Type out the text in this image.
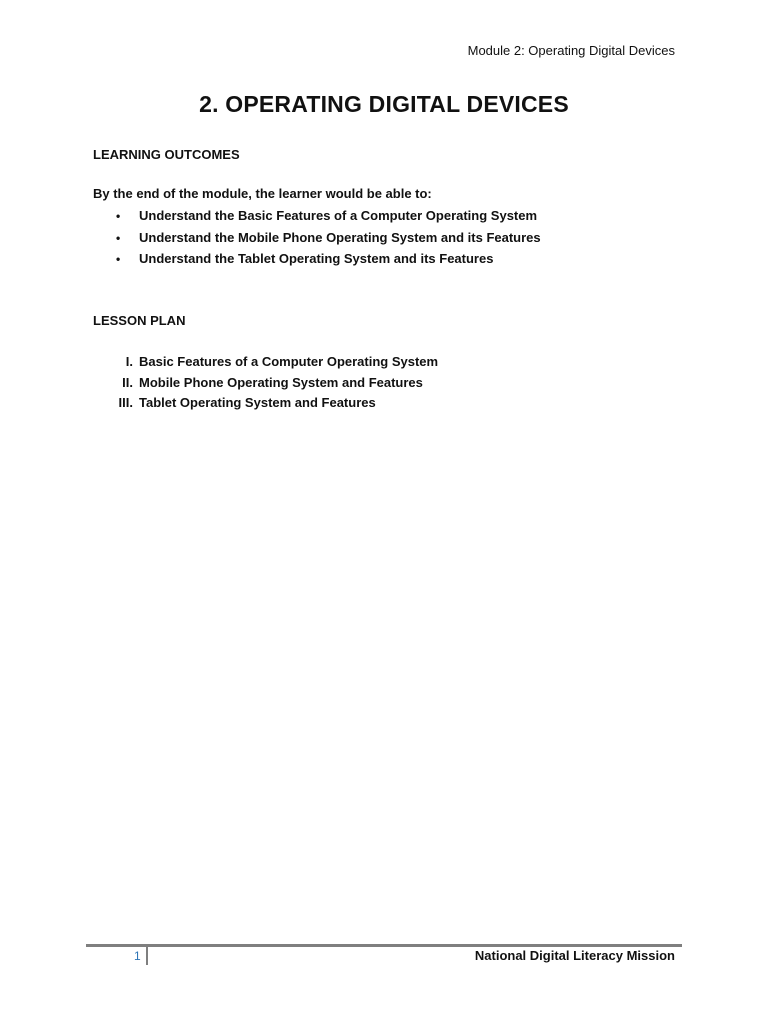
Module 2: Operating Digital Devices
2. OPERATING DIGITAL DEVICES
LEARNING OUTCOMES
By the end of the module, the learner would be able to:
• Understand the Basic Features of a Computer Operating System
• Understand the Mobile Phone Operating System and its Features
• Understand the Tablet Operating System and its Features
LESSON PLAN
I. Basic Features of a Computer Operating System
II. Mobile Phone Operating System and Features
III. Tablet Operating System and Features
1	National Digital Literacy Mission
